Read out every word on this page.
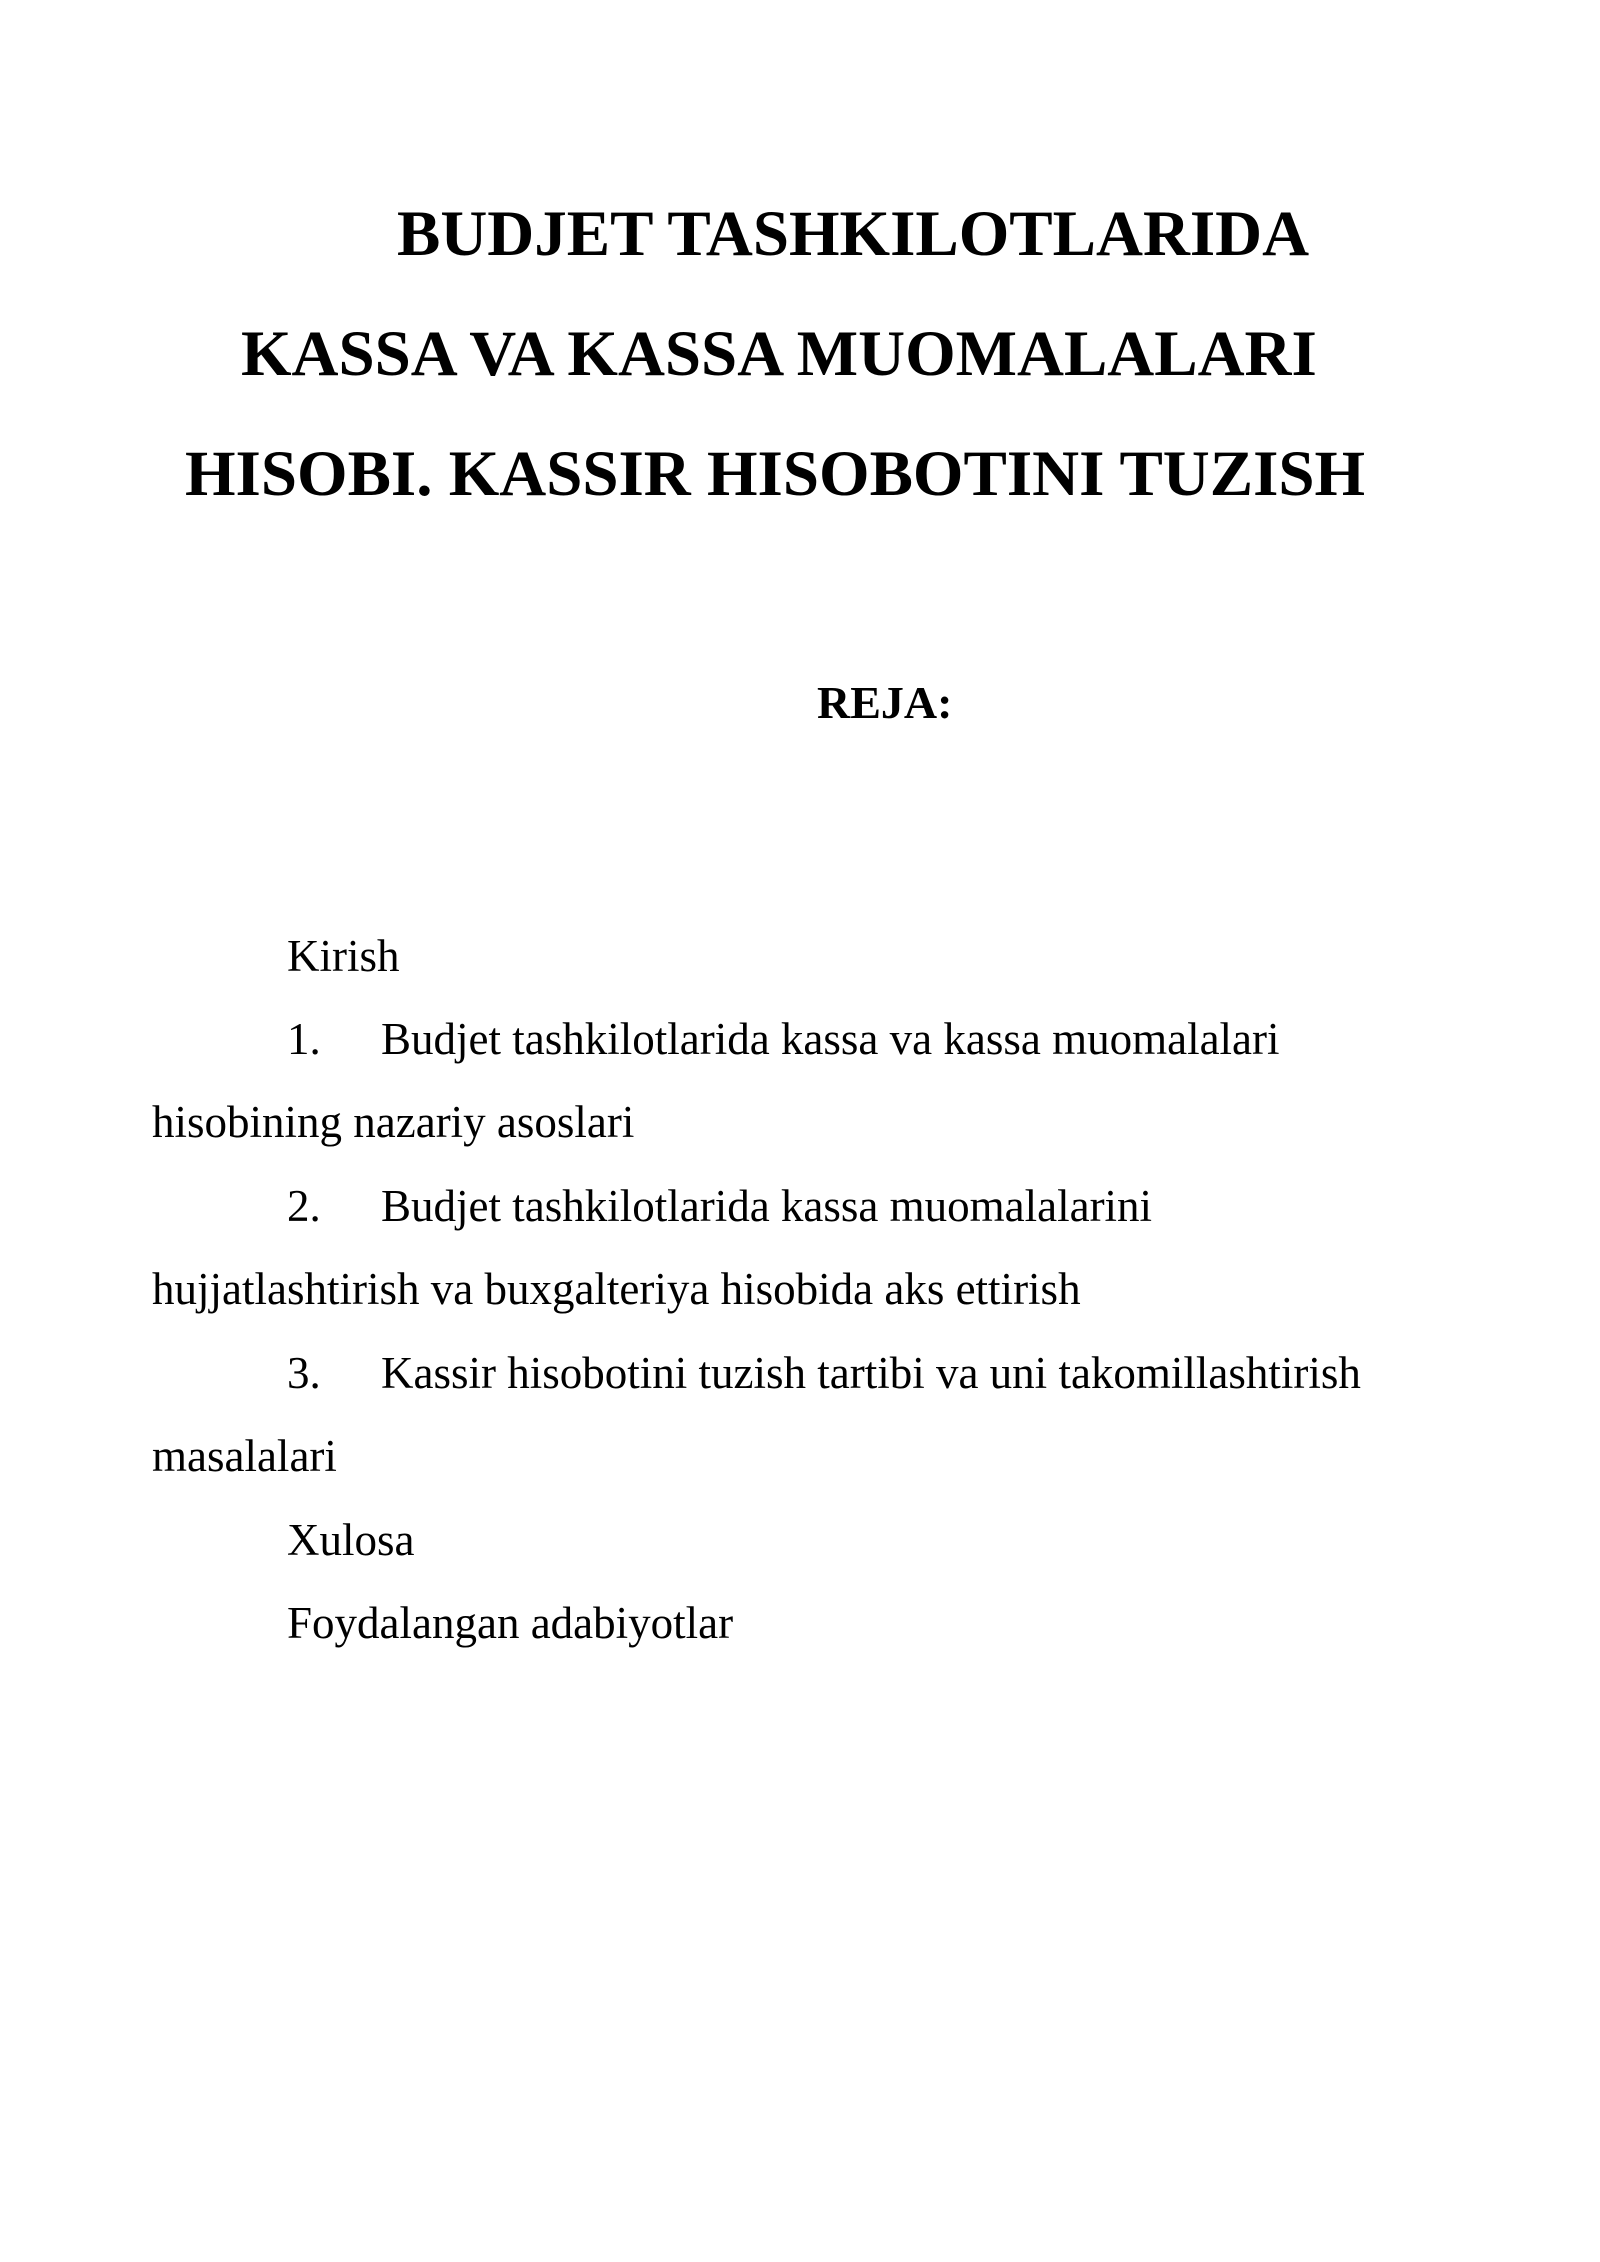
BUDJET TASHKILOTLARIDA
KASSA VA KASSA MUOMALALARI
HISOBI. KASSIR HISOBOTINI TUZISH
REJA:
Kirish
1. Budjet tashkilotlarida kassa va kassa muomalalari
hisobining nazariy asoslari
2. Budjet tashkilotlarida kassa muomalalarini
hujjatlashtirish va buxgalteriya hisobida aks ettirish
3. Kassir hisobotini tuzish tartibi va uni takomillashtirish
masalalari
Xulosa
Foydalangan adabiyotlar
